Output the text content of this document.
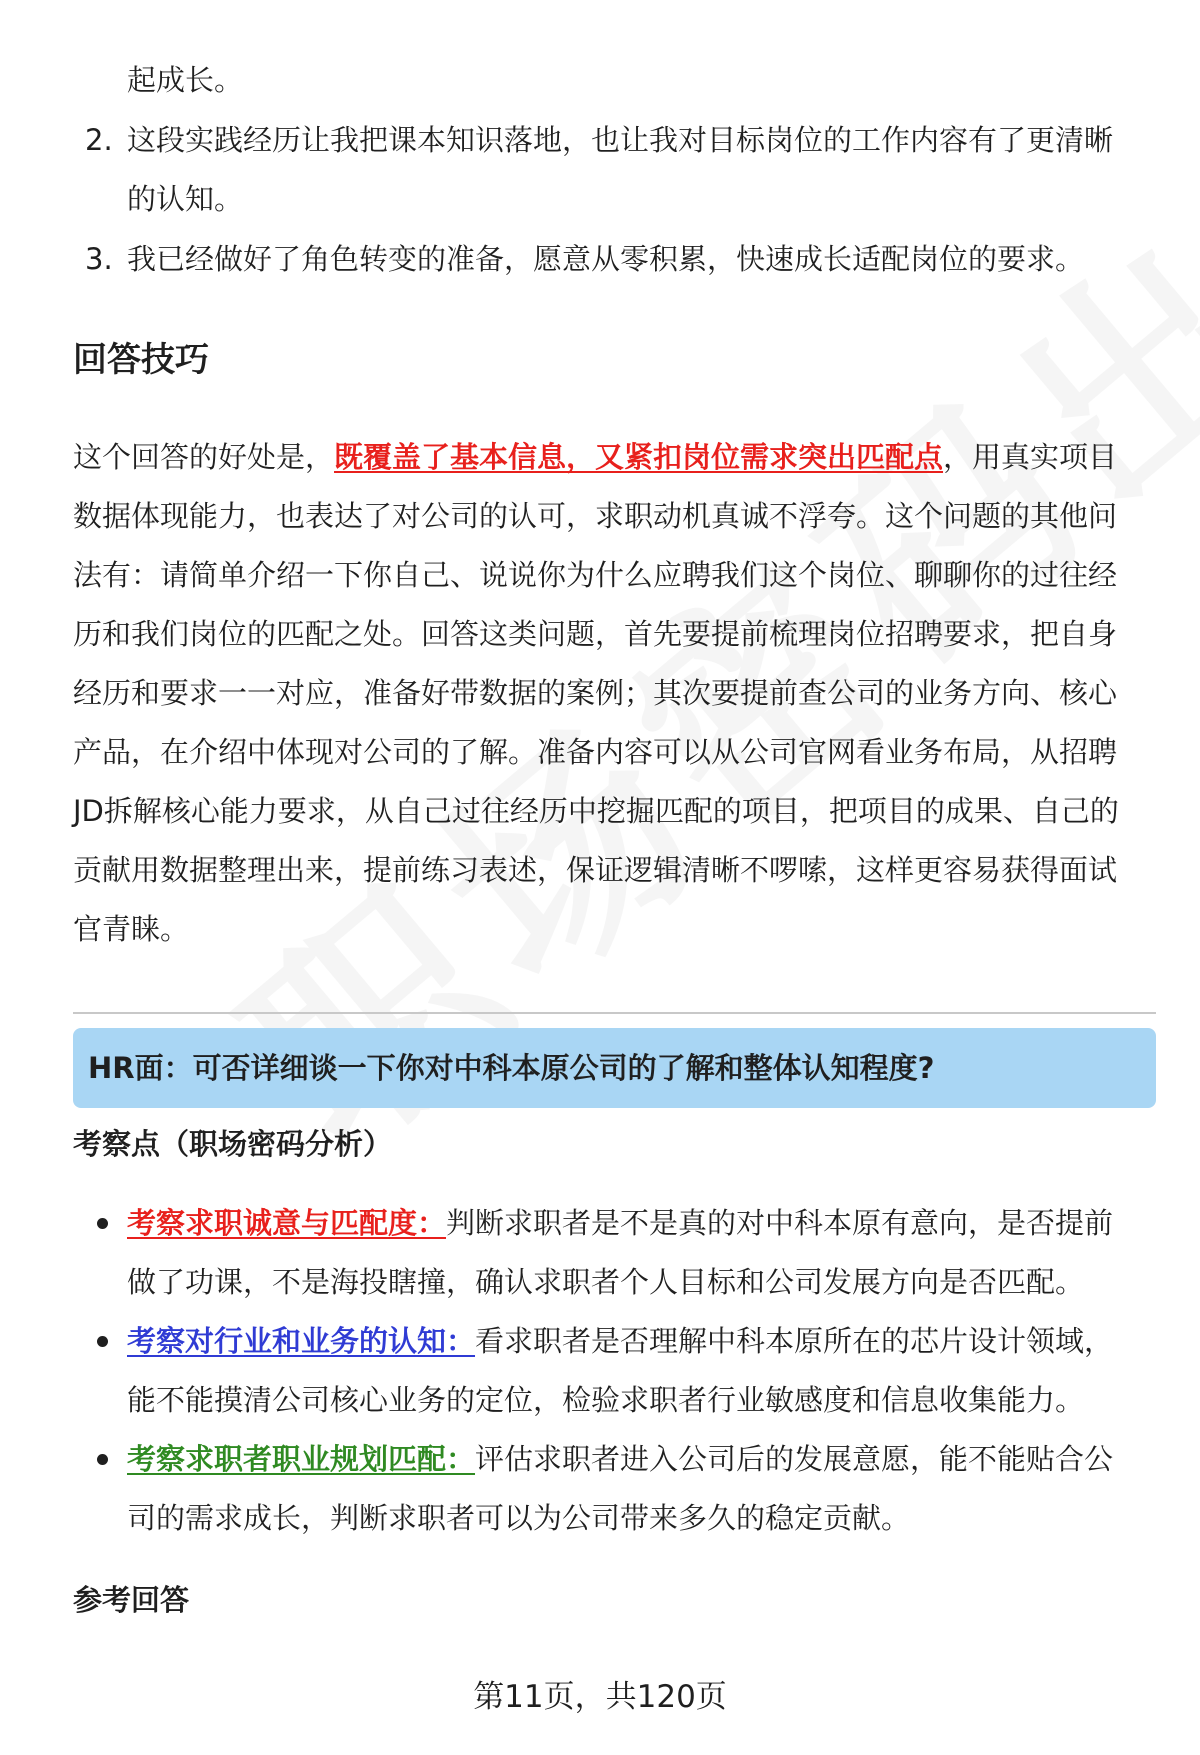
起成长。
2. 这段实践经历让我把课本知识落地，也让我对目标岗位的工作内容有了更清晰
的认知。
3. 我已经做好了角色转变的准备，愿意从零积累，快速成长适配岗位的要求。
回答技巧
这个回答的好处是，既覆盖了基本信息，又紧扣岗位需求突出匹配点，用真实项目
数据体现能力，也表达了对公司的认可，求职动机真诚不浮夸。这个问题的其他问
法有：请简单介绍一下你自己、说说你为什么应聘我们这个岗位、聊聊你的过往经
历和我们岗位的匹配之处。回答这类问题，首先要提前梳理岗位招聘要求，把自身
经历和要求一一对应，准备好带数据的案例；其次要提前查公司的业务方向、核心
产品，在介绍中体现对公司的了解。准备内容可以从公司官网看业务布局，从招聘
JD拆解核心能力要求，从自己过往经历中挖掘匹配的项目，把项目的成果、自己的
贡献用数据整理出来，提前练习表述，保证逻辑清晰不啰嗦，这样更容易获得面试
官青睐。
HR面：可否详细谈一下你对中科本原公司的了解和整体认知程度?
考察点（职场密码分析）
考察求职诚意与匹配度：判断求职者是不是真的对中科本原有意向，是否提前
做了功课，不是海投瞎撞，确认求职者个人目标和公司发展方向是否匹配。
考察对行业和业务的认知：看求职者是否理解中科本原所在的芯片设计领域，
能不能摸清公司核心业务的定位，检验求职者行业敏感度和信息收集能力。
考察求职者职业规划匹配：评估求职者进入公司后的发展意愿，能不能贴合公
司的需求成长，判断求职者可以为公司带来多久的稳定贡献。
参考回答
第11页，共120页
